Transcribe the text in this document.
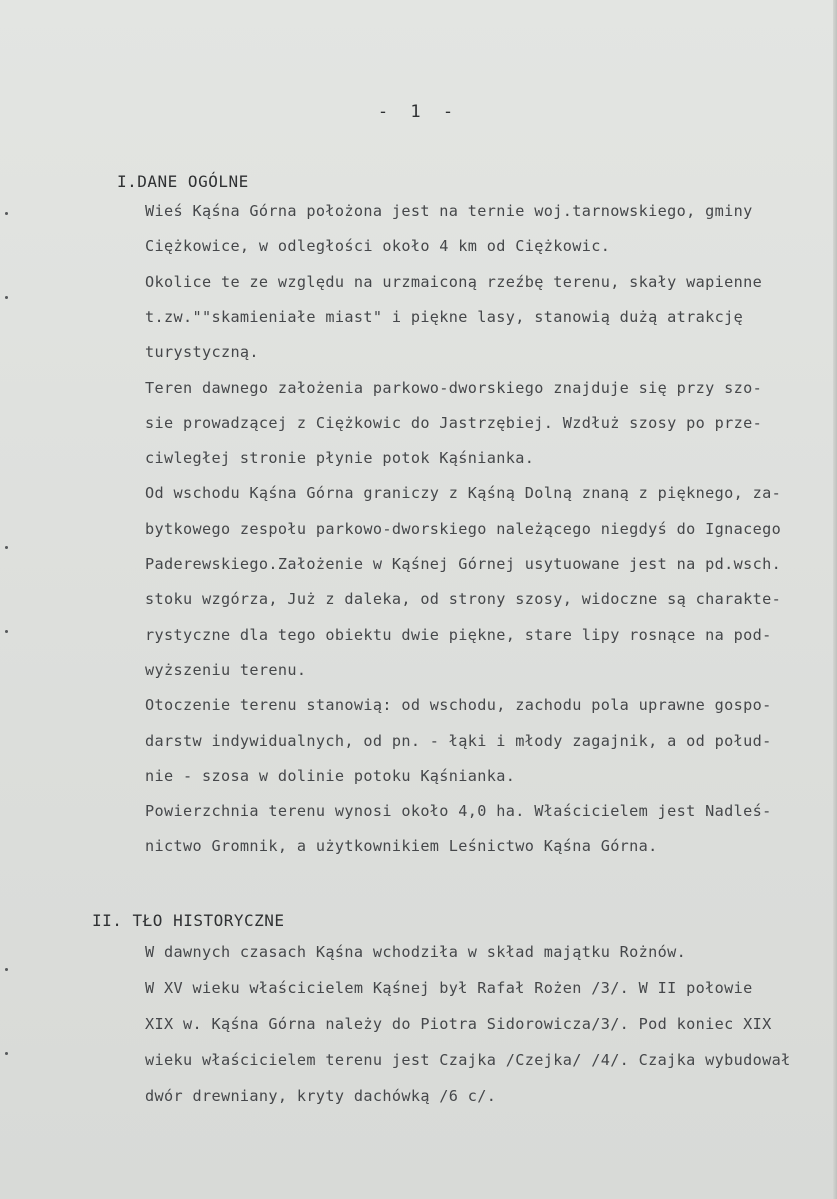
- 1 -
I.DANE OGÓLNE
Wieś Kąśna Górna położona jest na ternie woj.tarnowskiego, gminy
Ciężkowice, w odległości około 4 km od Ciężkowic.
Okolice te ze względu na urzmaiconą rzeźbę terenu, skały wapienne
t.zw.""skamieniałe miast" i piękne lasy, stanowią dużą atrakcję
turystyczną.
Teren dawnego założenia parkowo-dworskiego znajduje się przy szo-
sie prowadzącej z Ciężkowic do Jastrzębiej. Wzdłuż szosy po prze-
ciwległej stronie płynie potok Kąśnianka.
Od wschodu Kąśna Górna graniczy z Kąśną Dolną znaną z pięknego, za-
bytkowego zespołu parkowo-dworskiego należącego niegdyś do Ignacego
Paderewskiego.Założenie w Kąśnej Górnej usytuowane jest na pd.wsch.
stoku wzgórza, Już z daleka, od strony szosy, widoczne są charakte-
rystyczne dla tego obiektu dwie piękne, stare lipy rosnące na pod-
wyższeniu terenu.
Otoczenie terenu stanowią: od wschodu, zachodu pola uprawne gospo-
darstw indywidualnych, od pn. - łąki i młody zagajnik, a od połud-
nie - szosa w dolinie potoku Kąśnianka.
Powierzchnia terenu wynosi około 4,0 ha. Właścicielem jest Nadleś-
nictwo Gromnik, a użytkownikiem Leśnictwo Kąśna Górna.
II. TŁO HISTORYCZNE
W dawnych czasach Kąśna wchodziła w skład majątku Rożnów.
W XV wieku właścicielem Kąśnej był Rafał Rożen /3/. W II połowie
XIX w. Kąśna Górna należy do Piotra Sidorowicza/3/. Pod koniec XIX
wieku właścicielem terenu jest Czajka /Czejka/ /4/. Czajka wybudował
dwór drewniany, kryty dachówką /6 c/.
